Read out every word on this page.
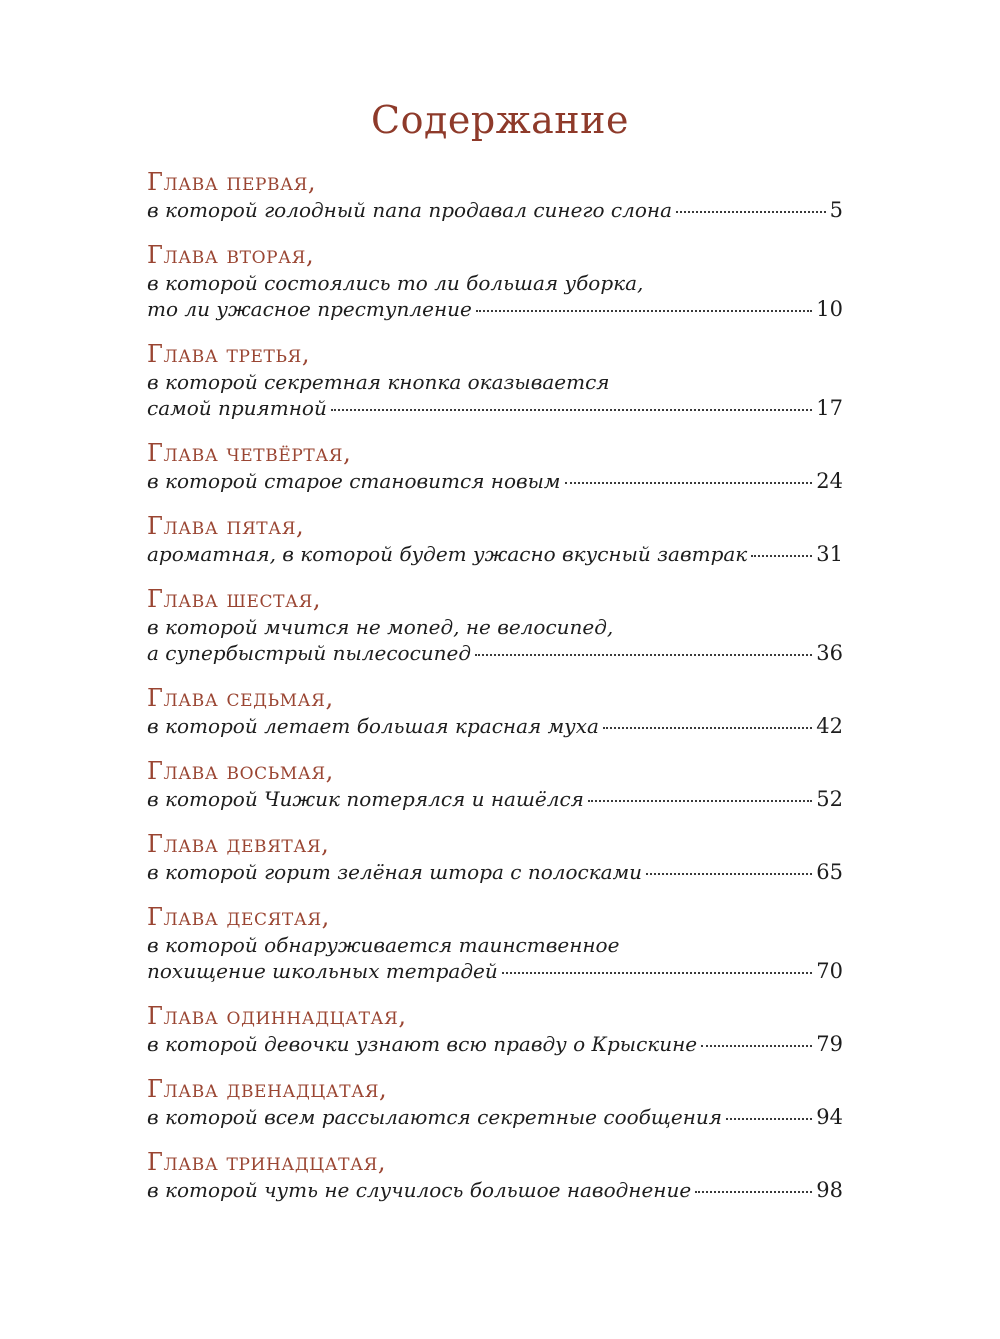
Содержание
Глава первая,
в которой голодный папа продавал синего слона	5
Глава вторая,
в которой состоялись то ли большая уборка,
то ли ужасное преступление	10
Глава третья,
в которой секретная кнопка оказывается
самой приятной	17
Глава четвёртая,
в которой старое становится новым	24
Глава пятая,
ароматная, в которой будет ужасно вкусный завтрак	31
Глава шестая,
в которой мчится не мопед, не велосипед,
а супербыстрый пылесосипед	36
Глава седьмая,
в которой летает большая красная муха	42
Глава восьмая,
в которой Чижик потерялся и нашёлся	52
Глава девятая,
в которой горит зелёная штора с полосками	65
Глава десятая,
в которой обнаруживается таинственное
похищение школьных тетрадей	70
Глава одиннадцатая,
в которой девочки узнают всю правду о Крыскине	79
Глава двенадцатая,
в которой всем рассылаются секретные сообщения	94
Глава тринадцатая,
в которой чуть не случилось большое наводнение	98
